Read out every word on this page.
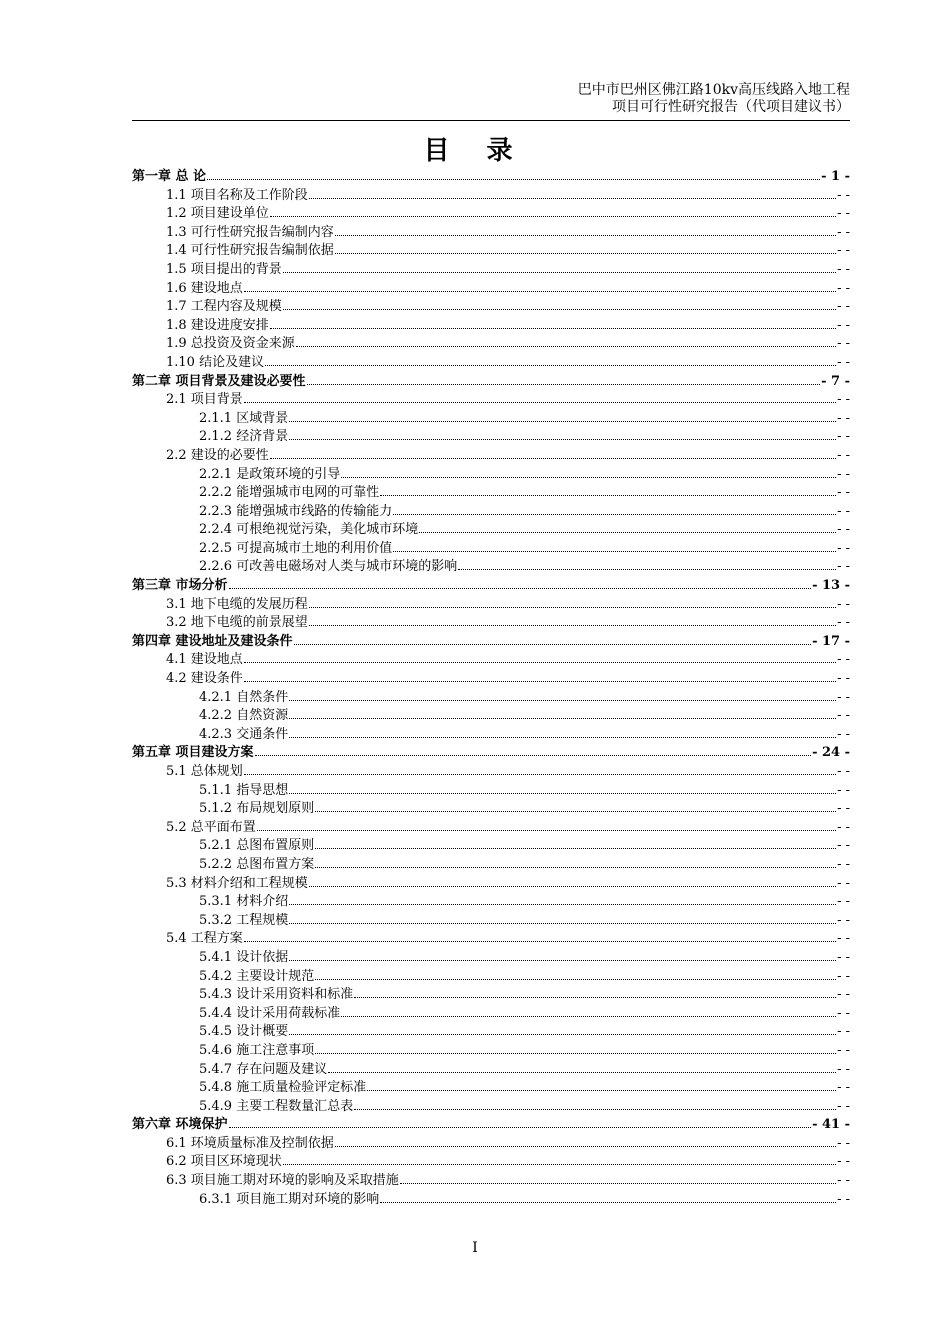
巴中市巴州区佛江路10kv高压线路入地工程
项目可行性研究报告（代项目建议书）
目 录
第一章 总 论	- 1 -
1.1 项目名称及工作阶段	- -
1.2 项目建设单位	- -
1.3 可行性研究报告编制内容	- -
1.4 可行性研究报告编制依据	- -
1.5 项目提出的背景	- -
1.6 建设地点	- -
1.7 工程内容及规模	- -
1.8 建设进度安排	- -
1.9 总投资及资金来源	- -
1.10 结论及建议	- -
第二章 项目背景及建设必要性	- 7 -
2.1 项目背景	- -
2.1.1 区域背景	- -
2.1.2 经济背景	- -
2.2 建设的必要性	- -
2.2.1 是政策环境的引导	- -
2.2.2 能增强城市电网的可靠性	- -
2.2.3 能增强城市线路的传输能力	- -
2.2.4 可根绝视觉污染，美化城市环境	- -
2.2.5 可提高城市土地的利用价值	- -
2.2.6 可改善电磁场对人类与城市环境的影响	- -
第三章 市场分析	- 13 -
3.1 地下电缆的发展历程	- -
3.2 地下电缆的前景展望	- -
第四章 建设地址及建设条件	- 17 -
4.1 建设地点	- -
4.2 建设条件	- -
4.2.1 自然条件	- -
4.2.2 自然资源	- -
4.2.3 交通条件	- -
第五章 项目建设方案	- 24 -
5.1 总体规划	- -
5.1.1 指导思想	- -
5.1.2 布局规划原则	- -
5.2 总平面布置	- -
5.2.1 总图布置原则	- -
5.2.2 总图布置方案	- -
5.3 材料介绍和工程规模	- -
5.3.1 材料介绍	- -
5.3.2 工程规模	- -
5.4 工程方案	- -
5.4.1 设计依据	- -
5.4.2 主要设计规范	- -
5.4.3 设计采用资料和标准	- -
5.4.4 设计采用荷载标准	- -
5.4.5 设计概要	- -
5.4.6 施工注意事项	- -
5.4.7 存在问题及建议	- -
5.4.8 施工质量检验评定标准	- -
5.4.9 主要工程数量汇总表	- -
第六章 环境保护	- 41 -
6.1 环境质量标准及控制依据	- -
6.2 项目区环境现状	- -
6.3 项目施工期对环境的影响及采取措施	- -
6.3.1 项目施工期对环境的影响	- -
I
